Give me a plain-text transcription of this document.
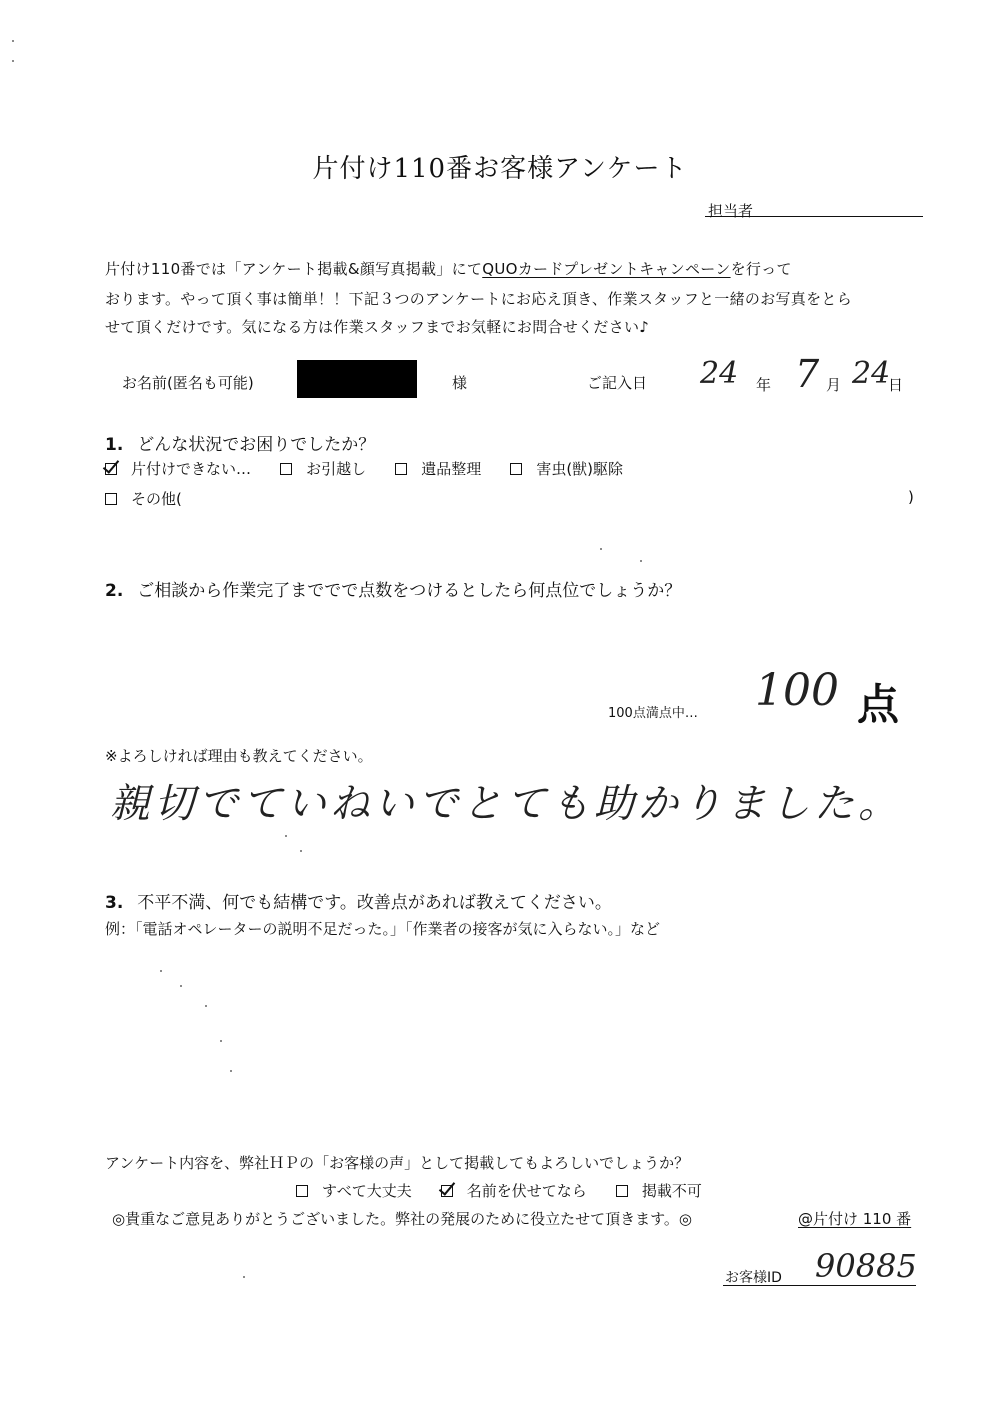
片付け110番お客様アンケート
担当者
片付け110番では「アンケート掲載&顔写真掲載」にてQUOカードプレゼントキャンペーンを行って
おります。やって頂く事は簡単！！下記３つのアンケートにお応え頂き、作業スタッフと一緒のお写真をとら
せて頂くだけです。気になる方は作業スタッフまでお気軽にお問合せください♪
お名前(匿名も可能)	様	ご記入日 24 年 7 月 24
日
1. どんな状況でお困りでしたか？
片付けできない…	お引越し	遺品整理	害虫(獣)駆除
その他(	)
2. ご相談から作業完了まででで点数をつけるとしたら何点位でしょうか？
100点満点中… 100 点
※よろしければ理由も教えてください。
親切でていねいでとても助かりました。
3. 不平不満、何でも結構です。改善点があれば教えてください。
例：「電話オペレーターの説明不足だった。」「作業者の接客が気に入らない。」など
アンケート内容を、弊社ＨＰの「お客様の声」として掲載してもよろしいでしょうか？
すべて大丈夫	名前を伏せてなら	掲載不可
◎貴重なご意見ありがとうございました。弊社の発展のために役立たせて頂きます。◎	@片付け 110 番
お客様ID 90885
